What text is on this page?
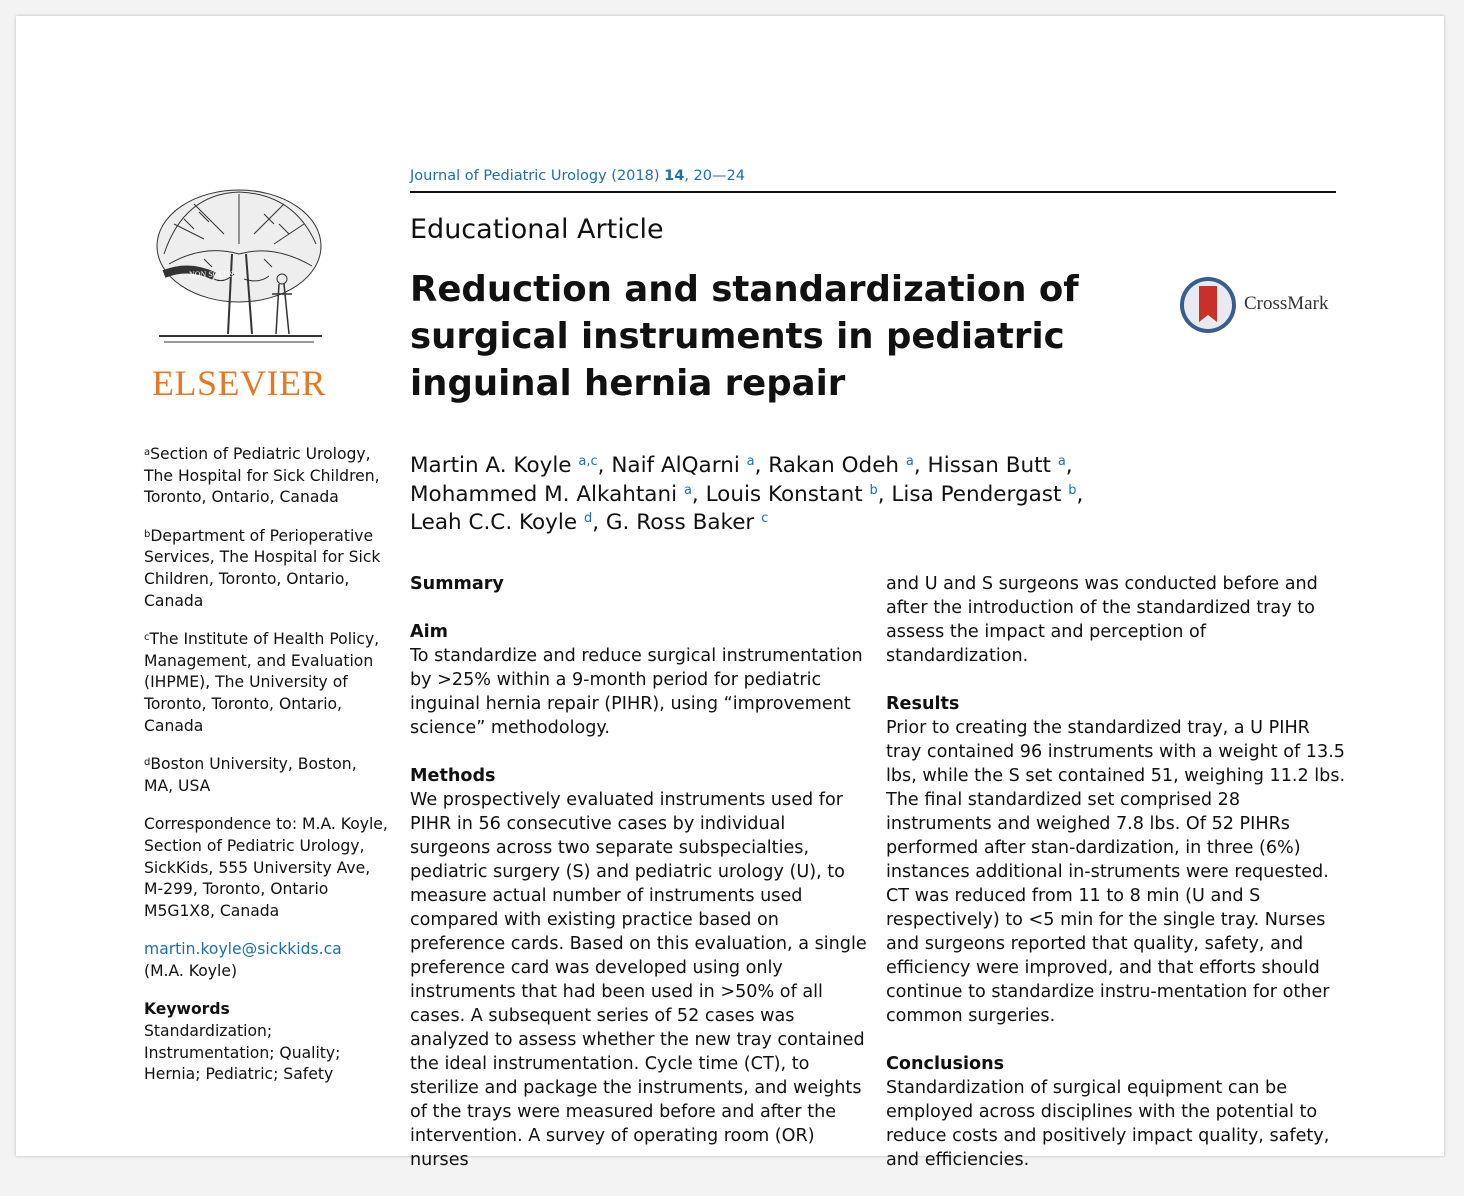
NON SOLUS
ELSEVIER

$^a$Section of Pediatric Urology, The Hospital for Sick Children, Toronto, Ontario, Canada

$^b$Department of Perioperative Services, The Hospital for Sick Children, Toronto, Ontario, Canada

$^c$The Institute of Health Policy, Management, and Evaluation (IHPME), The University of Toronto, Toronto, Ontario, Canada

$^d$Boston University, Boston, MA, USA

Correspondence to: M.A. Koyle, Section of Pediatric Urology, SickKids, 555 University Ave, M-299, Toronto, Ontario M5G1X8, Canada

martin.koyle@sickkids.ca
(M.A. Koyle)

Keywords
Standardization; Instrumentation; Quality; Hernia; Pediatric; Safety

Journal of Pediatric Urology (2018) 14, 20—24
Educational Article
Reduction and standardization of surgical instruments in pediatric inguinal hernia repair
CrossMark
Martin A. Koyle $^{a,c}$, Naif AlQarni $^a$, Rakan Odeh $^a$, Hissan Butt $^a$,
Mohammed M. Alkahtani $^a$, Louis Konstant $^b$, Lisa Pendergast $^b$,
Leah C.C. Koyle $^d$, G. Ross Baker $^c$

Summary

Aim

To standardize and reduce surgical instrumentation by >25% within a 9-month period for pediatric inguinal hernia repair (PIHR), using “improvement science” methodology.

Methods

We prospectively evaluated instruments used for PIHR in 56 consecutive cases by individual surgeons across two separate subspecialties, pediatric surgery (S) and pediatric urology (U), to measure actual number of instruments used compared with existing practice based on preference cards. Based on this evaluation, a single preference card was developed using only instruments that had been used in >50% of all cases. A subsequent series of 52 cases was analyzed to assess whether the new tray contained the ideal instrumentation. Cycle time (CT), to sterilize and package the instruments, and weights of the trays were measured before and after the intervention. A survey of operating room (OR) nurses

and U and S surgeons was conducted before and after the introduction of the standardized tray to assess the impact and perception of standardization.

Results

Prior to creating the standardized tray, a U PIHR tray contained 96 instruments with a weight of 13.5 lbs, while the S set contained 51, weighing 11.2 lbs. The final standardized set comprised 28 instruments and weighed 7.8 lbs. Of 52 PIHRs performed after stan-dardization, in three (6%) instances additional in-struments were requested. CT was reduced from 11 to 8 min (U and S respectively) to <5 min for the single tray. Nurses and surgeons reported that quality, safety, and efficiency were improved, and that efforts should continue to standardize instru-mentation for other common surgeries.

Conclusions

Standardization of surgical equipment can be employed across disciplines with the potential to reduce costs and positively impact quality, safety, and efficiencies.
